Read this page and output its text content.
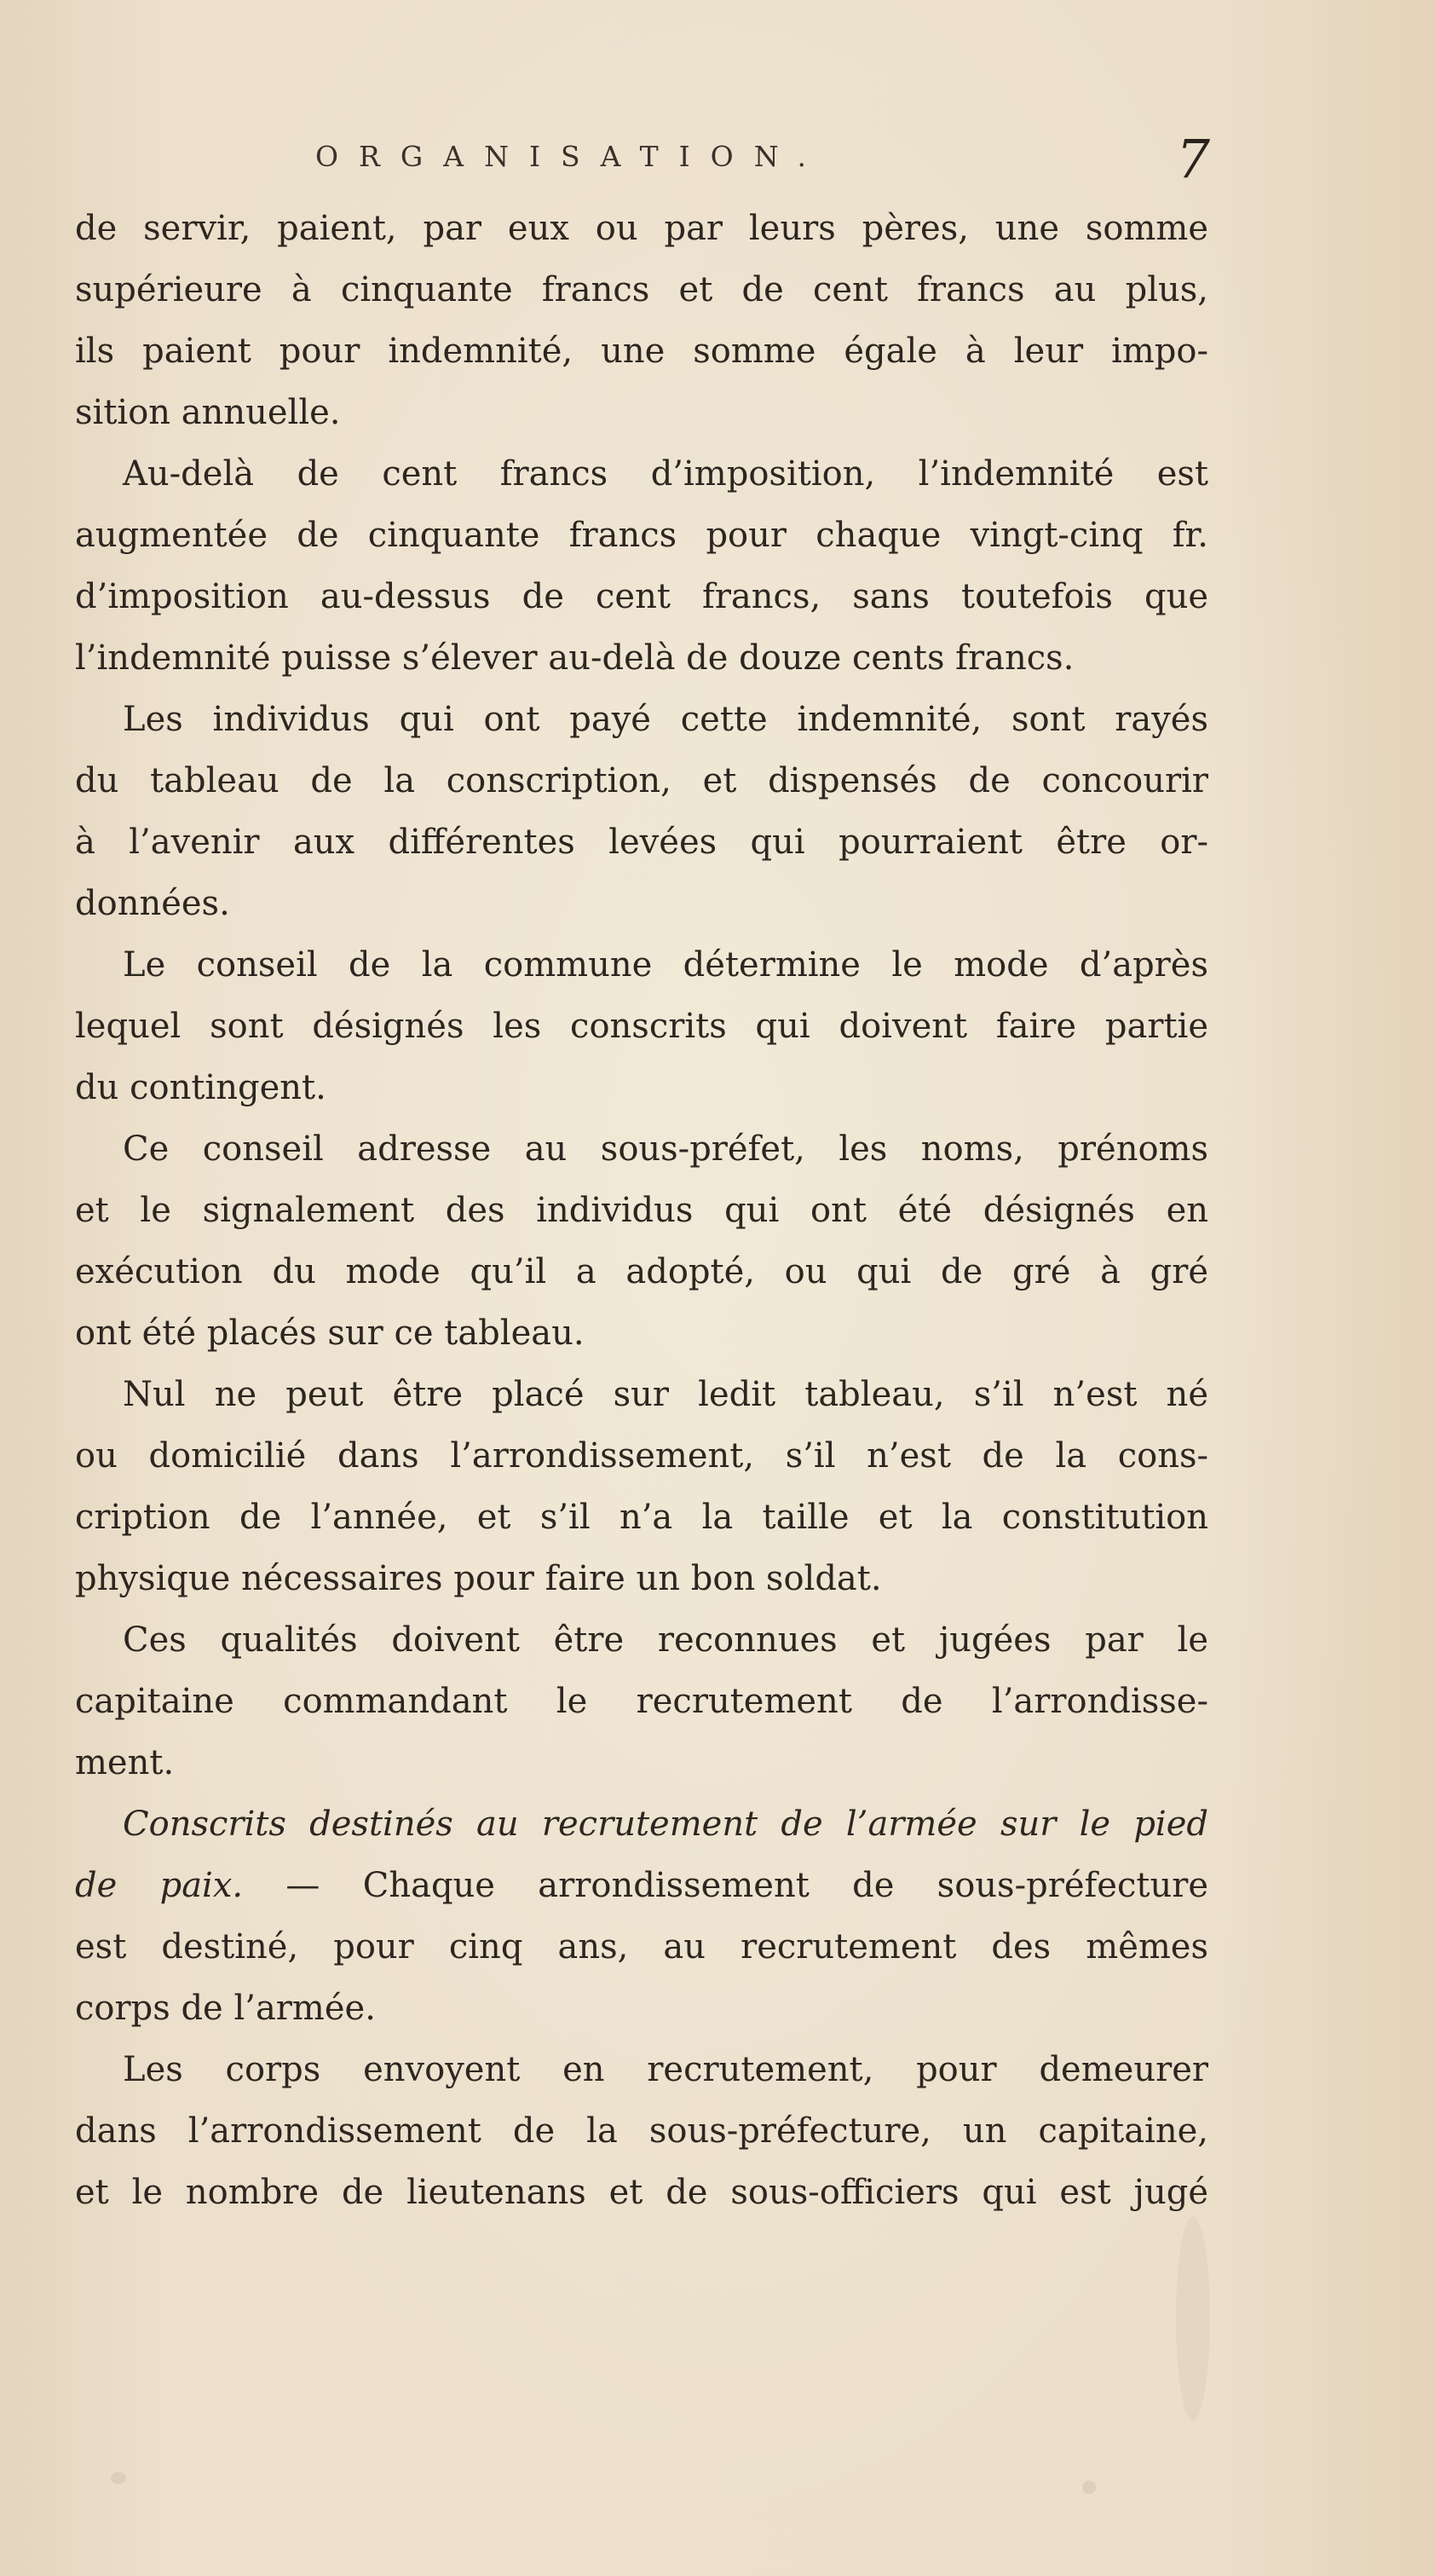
ORGANISATION.	7

de servir, paient, par eux ou par leurs pères, une somme
supérieure à cinquante francs et de cent francs au plus,
ils paient pour indemnité, une somme égale à leur impo-
sition annuelle.

Au-delà de cent francs d’imposition, l’indemnité est
augmentée de cinquante francs pour chaque vingt-cinq fr.
d’imposition au-dessus de cent francs, sans toutefois que
l’indemnité puisse s’élever au-delà de douze cents francs.

Les individus qui ont payé cette indemnité, sont rayés
du tableau de la conscription, et dispensés de concourir
à l’avenir aux différentes levées qui pourraient être or-
données.

Le conseil de la commune détermine le mode d’après
lequel sont désignés les conscrits qui doivent faire partie
du contingent.

Ce conseil adresse au sous-préfet, les noms, prénoms
et le signalement des individus qui ont été désignés en
exécution du mode qu’il a adopté, ou qui de gré à gré
ont été placés sur ce tableau.

Nul ne peut être placé sur ledit tableau, s’il n’est né
ou domicilié dans l’arrondissement, s’il n’est de la cons-
cription de l’année, et s’il n’a la taille et la constitution
physique nécessaires pour faire un bon soldat.

Ces qualités doivent être reconnues et jugées par le
capitaine commandant le recrutement de l’arrondisse-
ment.

Conscrits destinés au recrutement de l’armée sur le pied
de paix. — Chaque arrondissement de sous-préfecture
est destiné, pour cinq ans, au recrutement des mêmes
corps de l’armée.

Les corps envoyent en recrutement, pour demeurer
dans l’arrondissement de la sous-préfecture, un capitaine,
et le nombre de lieutenans et de sous-officiers qui est jugé
